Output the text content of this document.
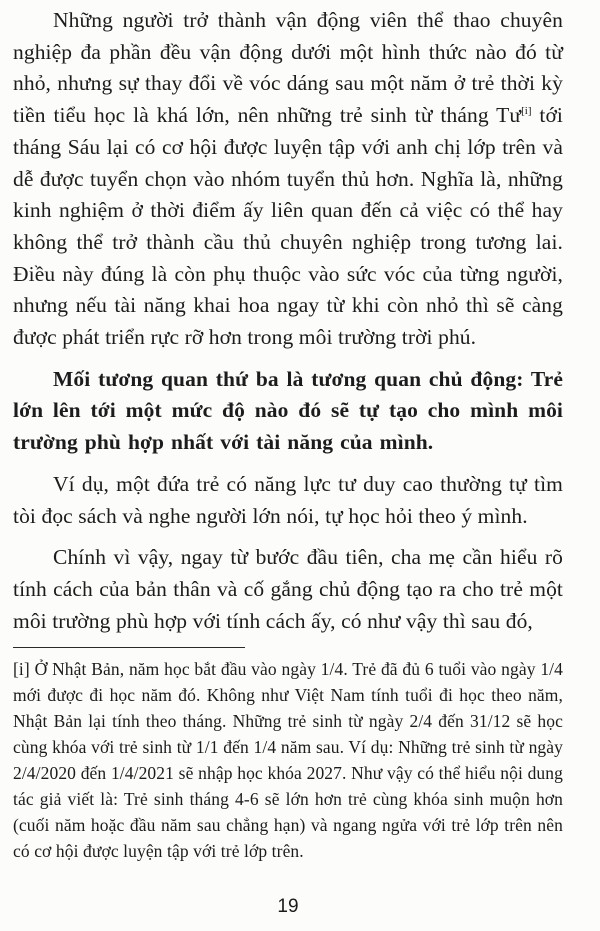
Những người trở thành vận động viên thể thao chuyên nghiệp đa phần đều vận động dưới một hình thức nào đó từ nhỏ, nhưng sự thay đổi về vóc dáng sau một năm ở trẻ thời kỳ tiền tiểu học là khá lớn, nên những trẻ sinh từ tháng Tư[i] tới tháng Sáu lại có cơ hội được luyện tập với anh chị lớp trên và dễ được tuyển chọn vào nhóm tuyển thủ hơn. Nghĩa là, những kinh nghiệm ở thời điểm ấy liên quan đến cả việc có thể hay không thể trở thành cầu thủ chuyên nghiệp trong tương lai. Điều này đúng là còn phụ thuộc vào sức vóc của từng người, nhưng nếu tài năng khai hoa ngay từ khi còn nhỏ thì sẽ càng được phát triển rực rỡ hơn trong môi trường trời phú.

Mối tương quan thứ ba là tương quan chủ động: Trẻ lớn lên tới một mức độ nào đó sẽ tự tạo cho mình môi trường phù hợp nhất với tài năng của mình.

Ví dụ, một đứa trẻ có năng lực tư duy cao thường tự tìm tòi đọc sách và nghe người lớn nói, tự học hỏi theo ý mình.

Chính vì vậy, ngay từ bước đầu tiên, cha mẹ cần hiểu rõ tính cách của bản thân và cố gắng chủ động tạo ra cho trẻ một môi trường phù hợp với tính cách ấy, có như vậy thì sau đó,

[i] Ở Nhật Bản, năm học bắt đầu vào ngày 1/4. Trẻ đã đủ 6 tuổi vào ngày 1/4 mới được đi học năm đó. Không như Việt Nam tính tuổi đi học theo năm, Nhật Bản lại tính theo tháng. Những trẻ sinh từ ngày 2/4 đến 31/12 sẽ học cùng khóa với trẻ sinh từ 1/1 đến 1/4 năm sau. Ví dụ: Những trẻ sinh từ ngày 2/4/2020 đến 1/4/2021 sẽ nhập học khóa 2027. Như vậy có thể hiểu nội dung tác giả viết là: Trẻ sinh tháng 4-6 sẽ lớn hơn trẻ cùng khóa sinh muộn hơn (cuối năm hoặc đầu năm sau chẳng hạn) và ngang ngửa với trẻ lớp trên nên có cơ hội được luyện tập với trẻ lớp trên.
19
